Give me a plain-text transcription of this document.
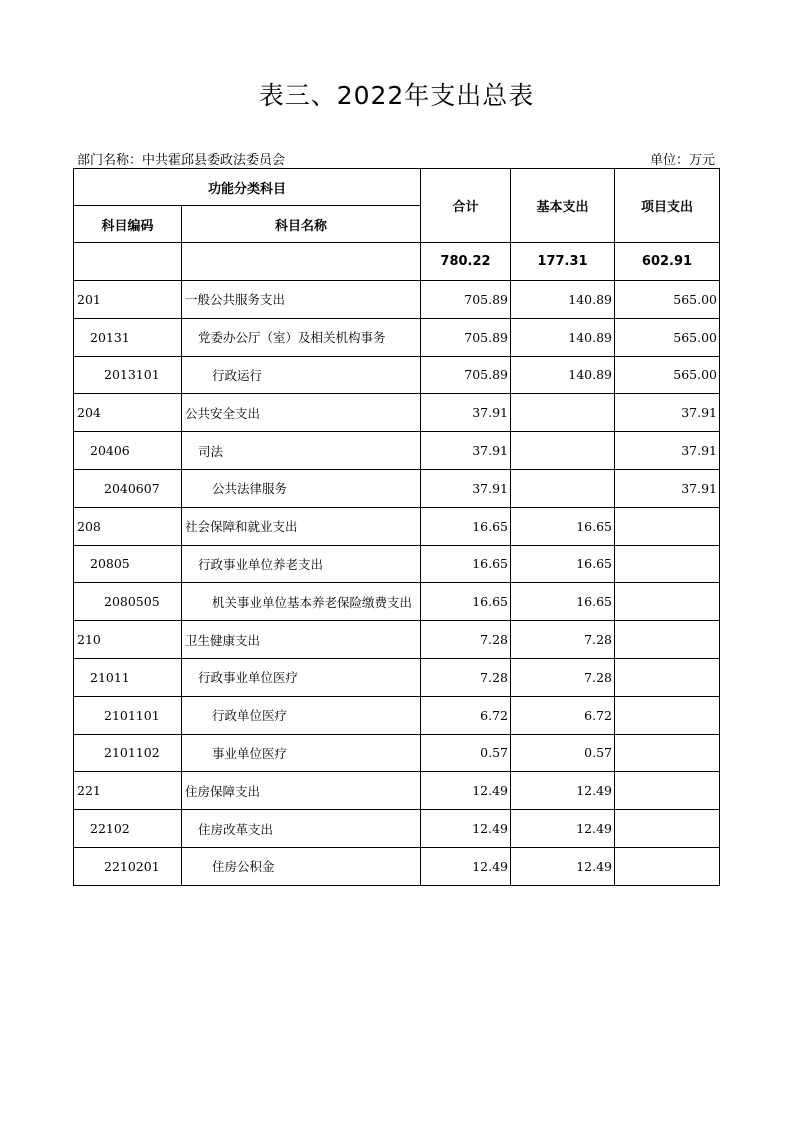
表三、2022年支出总表
部门名称：中共霍邱县委政法委员会	单位：万元
功能分类科目		合计	基本支出	项目支出
科目编码	科目名称			
		780.22	177.31	602.91
201	一般公共服务支出	705.89	140.89	565.00
20131	党委办公厅（室）及相关机构事务	705.89	140.89	565.00
2013101	行政运行	705.89	140.89	565.00
204	公共安全支出	37.91		37.91
20406	司法	37.91		37.91
2040607	公共法律服务	37.91		37.91
208	社会保障和就业支出	16.65	16.65	
20805	行政事业单位养老支出	16.65	16.65	
2080505	机关事业单位基本养老保险缴费支出	16.65	16.65	
210	卫生健康支出	7.28	7.28	
21011	行政事业单位医疗	7.28	7.28	
2101101	行政单位医疗	6.72	6.72	
2101102	事业单位医疗	0.57	0.57	
221	住房保障支出	12.49	12.49	
22102	住房改革支出	12.49	12.49	
2210201	住房公积金	12.49	12.49	
